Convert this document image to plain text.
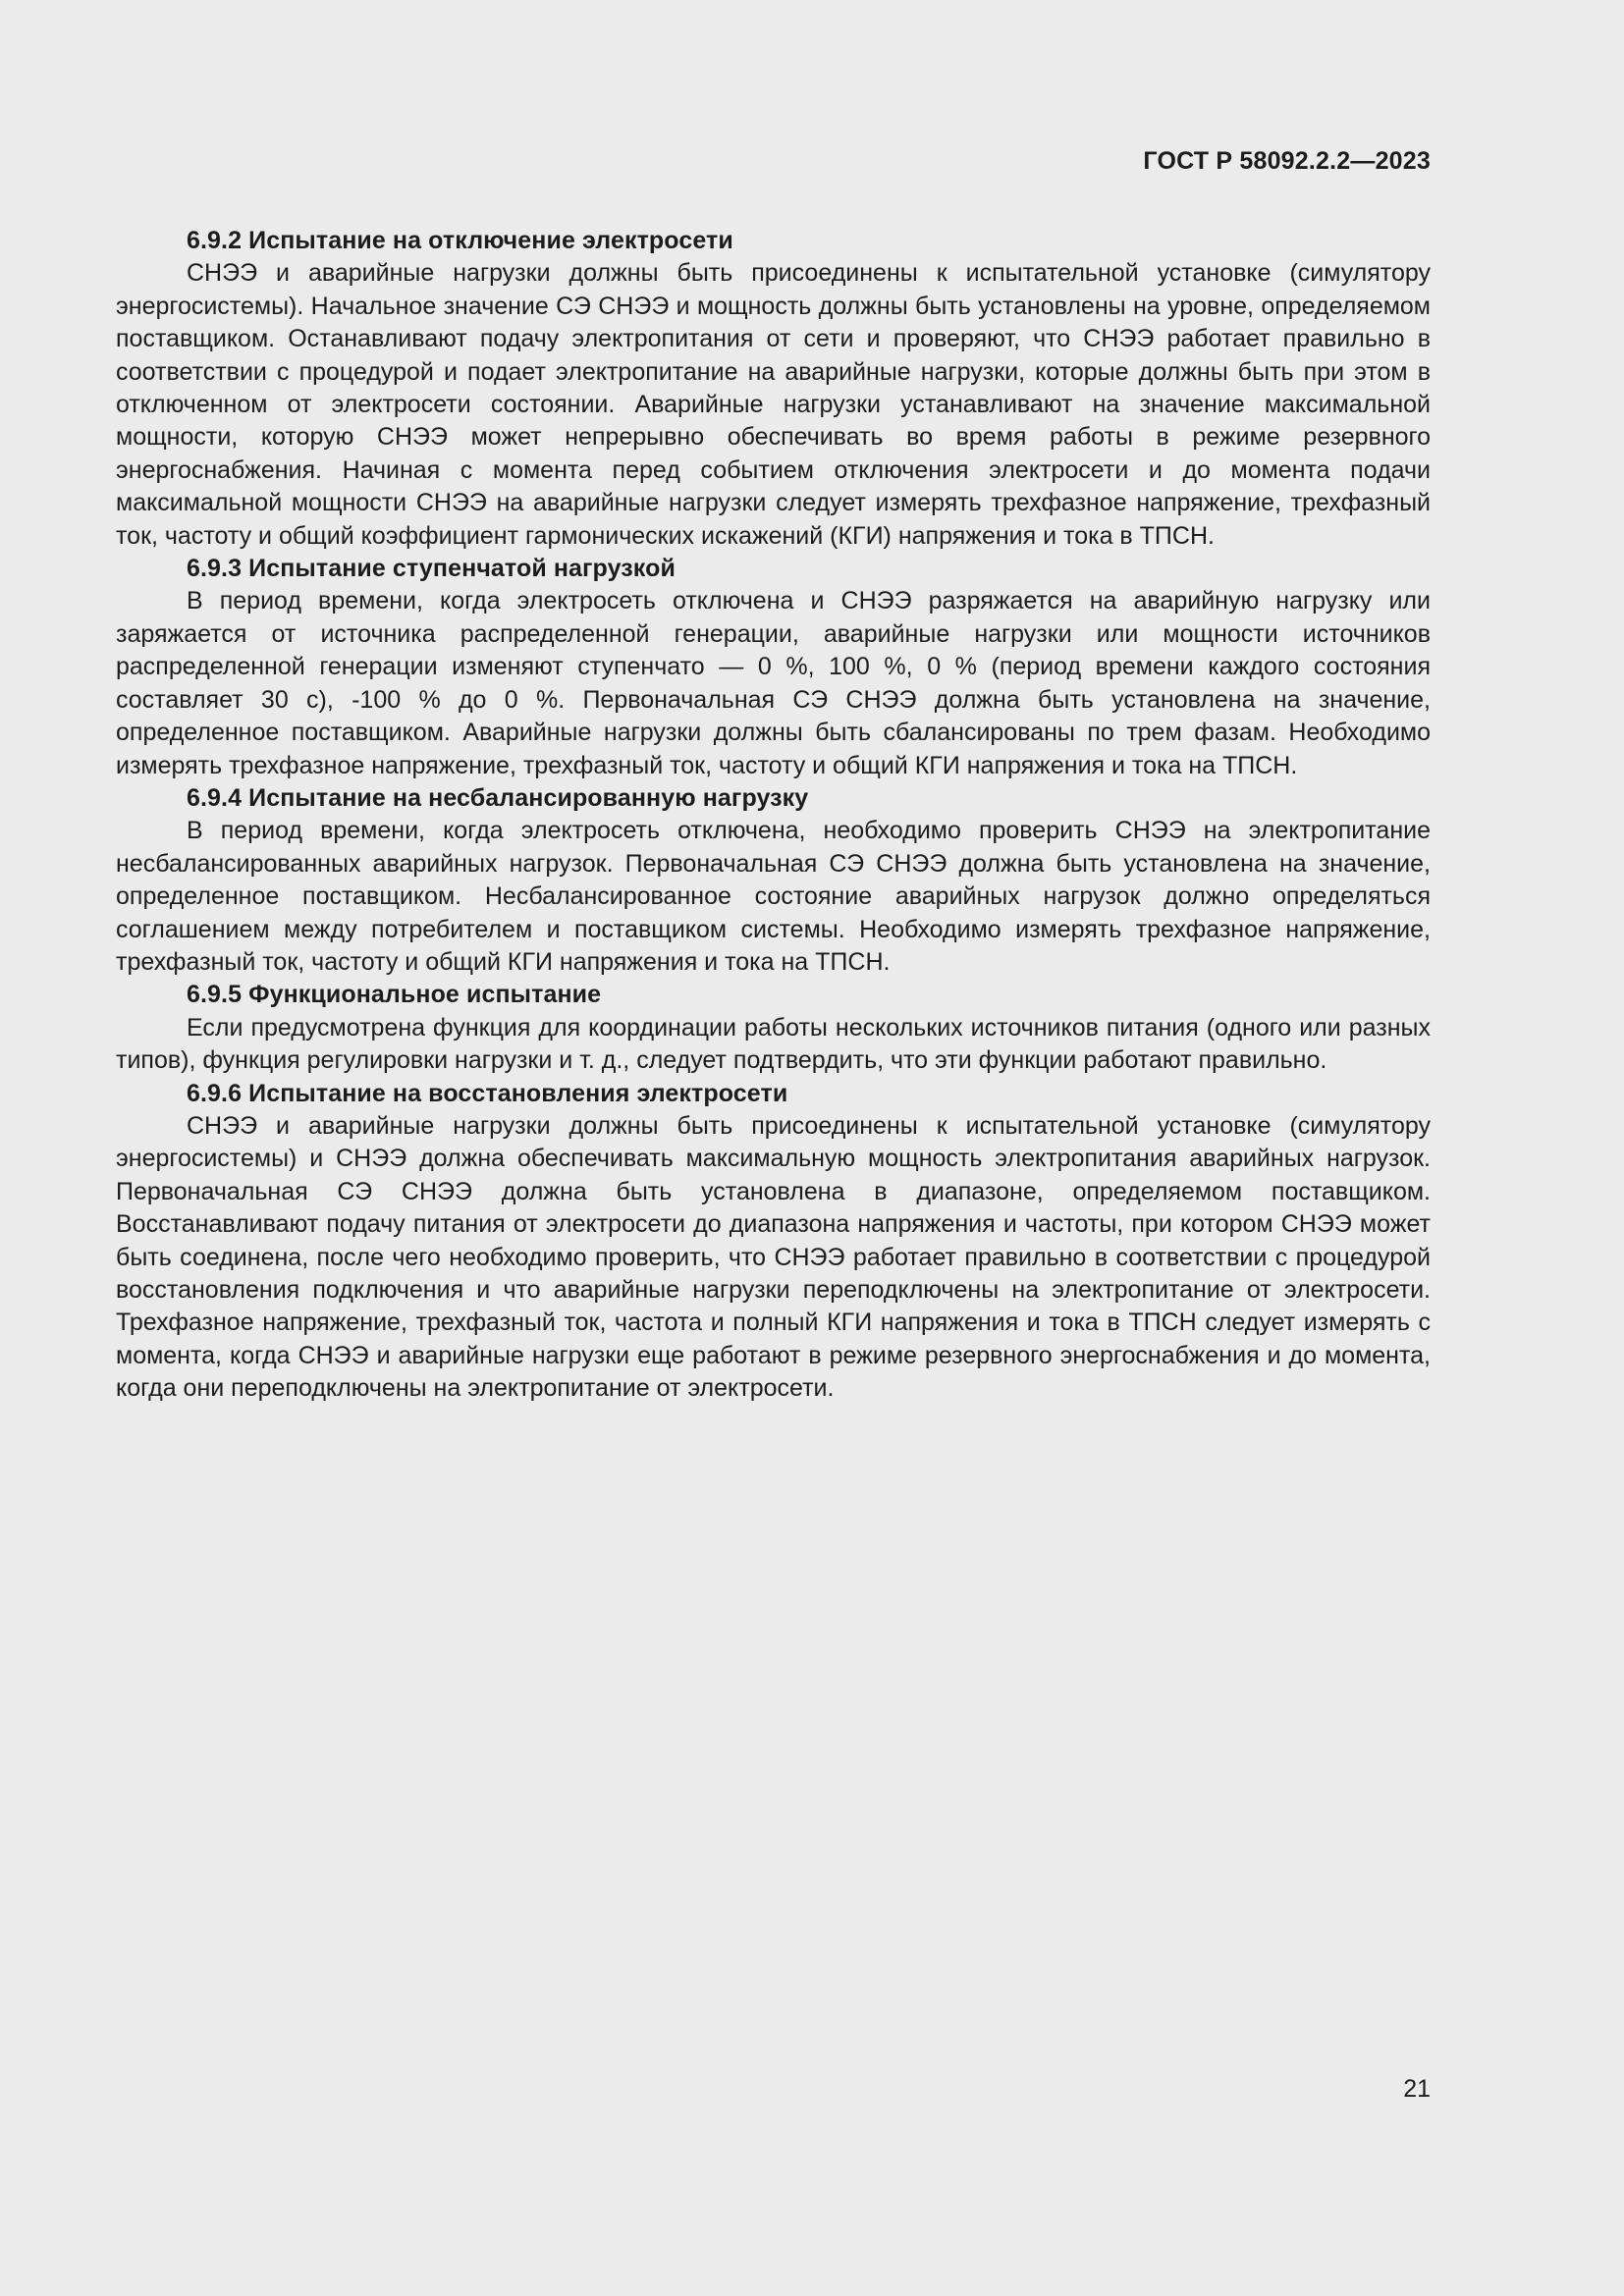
ГОСТ Р 58092.2.2—2023

6.9.2 Испытание на отключение электросети

СНЭЭ и аварийные нагрузки должны быть присоединены к испытательной установке (симулятору энергосистемы). Начальное значение СЭ СНЭЭ и мощность должны быть установлены на уровне, определяемом поставщиком. Останавливают подачу электропитания от сети и проверяют, что СНЭЭ работает правильно в соответствии с процедурой и подает электропитание на аварийные нагрузки, которые должны быть при этом в отключенном от электросети состоянии. Аварийные нагрузки устанавливают на значение максимальной мощности, которую СНЭЭ может непрерывно обеспечивать во время работы в режиме резервного энергоснабжения. Начиная с момента перед событием отключения электросети и до момента подачи максимальной мощности СНЭЭ на аварийные нагрузки следует измерять трехфазное напряжение, трехфазный ток, частоту и общий коэффициент гармонических искажений (КГИ) напряжения и тока в ТПСН.

6.9.3 Испытание ступенчатой нагрузкой

В период времени, когда электросеть отключена и СНЭЭ разряжается на аварийную нагрузку или заряжается от источника распределенной генерации, аварийные нагрузки или мощности источников распределенной генерации изменяют ступенчато — 0 %, 100 %, 0 % (период времени каждого состояния составляет 30 с), -100 % до 0 %. Первоначальная СЭ СНЭЭ должна быть установлена на значение, определенное поставщиком. Аварийные нагрузки должны быть сбалансированы по трем фазам. Необходимо измерять трехфазное напряжение, трехфазный ток, частоту и общий КГИ напряжения и тока на ТПСН.

6.9.4 Испытание на несбалансированную нагрузку

В период времени, когда электросеть отключена, необходимо проверить СНЭЭ на электропитание несбалансированных аварийных нагрузок. Первоначальная СЭ СНЭЭ должна быть установлена на значение, определенное поставщиком. Несбалансированное состояние аварийных нагрузок должно определяться соглашением между потребителем и поставщиком системы. Необходимо измерять трехфазное напряжение, трехфазный ток, частоту и общий КГИ напряжения и тока на ТПСН.

6.9.5 Функциональное испытание

Если предусмотрена функция для координации работы нескольких источников питания (одного или разных типов), функция регулировки нагрузки и т. д., следует подтвердить, что эти функции работают правильно.

6.9.6 Испытание на восстановления электросети

СНЭЭ и аварийные нагрузки должны быть присоединены к испытательной установке (симулятору энергосистемы) и СНЭЭ должна обеспечивать максимальную мощность электропитания аварийных нагрузок. Первоначальная СЭ СНЭЭ должна быть установлена в диапазоне, определяемом поставщиком. Восстанавливают подачу питания от электросети до диапазона напряжения и частоты, при котором СНЭЭ может быть соединена, после чего необходимо проверить, что СНЭЭ работает правильно в соответствии с процедурой восстановления подключения и что аварийные нагрузки переподключены на электропитание от электросети. Трехфазное напряжение, трехфазный ток, частота и полный КГИ напряжения и тока в ТПСН следует измерять с момента, когда СНЭЭ и аварийные нагрузки еще работают в режиме резервного энергоснабжения и до момента, когда они переподключены на электропитание от электросети.

21
